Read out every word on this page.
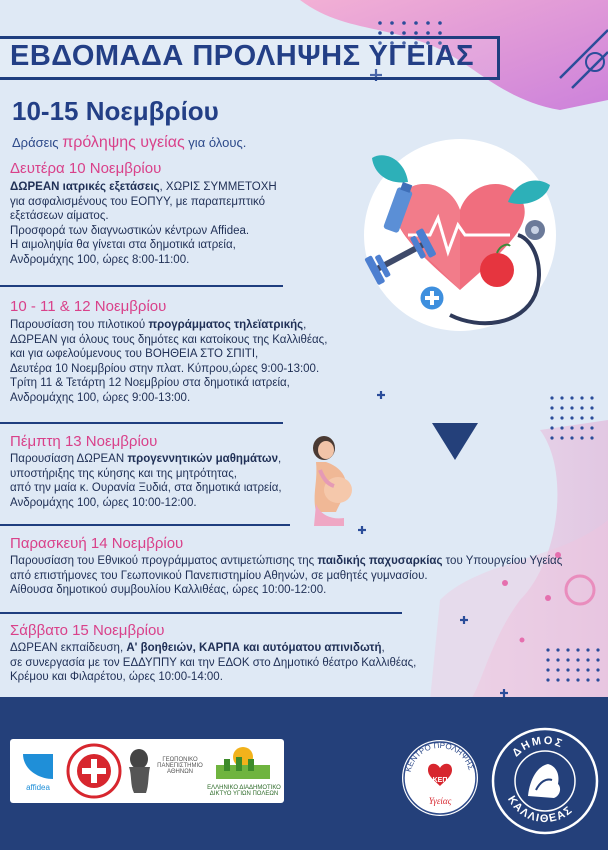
ΕΒΔΟΜΑΔΑ ΠΡΟΛΗΨΗΣ ΥΓΕΙΑΣ
10-15 Νοεμβρίου
Δράσεις πρόληψης υγείας για όλους.
Δευτέρα 10 Νοεμβρίου
ΔΩΡΕΑΝ ιατρικές εξετάσεις, ΧΩΡΙΣ ΣΥΜΜΕΤΟΧΗ
για ασφαλισμένους του ΕΟΠΥΥ, με παραπεμπτικό
εξετάσεων αίματος.
Προσφορά των διαγνωστικών κέντρων Affidea.
Η αιμοληψία θα γίνεται στα δημοτικά ιατρεία,
Ανδρομάχης 100, ώρες 8:00-11:00.
10 - 11 & 12 Νοεμβρίου
Παρουσίαση του πιλοτικού προγράμματος τηλεϊατρικής,
ΔΩΡΕΑΝ για όλους τους δημότες και κατοίκους της Καλλιθέας,
και για ωφελούμενους του ΒΟΗΘΕΙΑ ΣΤΟ ΣΠΙΤΙ,
Δευτέρα 10 Νοεμβρίου στην πλατ. Κύπρου,ώρες 9:00-13:00.
Τρίτη 11 & Τετάρτη 12 Νοεμβρίου στα δημοτικά ιατρεία,
Ανδρομάχης 100, ώρες 9:00-13:00.
Πέμπτη 13 Νοεμβρίου
Παρουσίαση ΔΩΡΕΑΝ προγεννητικών μαθημάτων,
υποστήριξης της κύησης και της μητρότητας,
από την μαία κ. Ουρανία Ξυδιά, στα δημοτικά ιατρεία,
Ανδρομάχης 100, ώρες 10:00-12:00.
Παρασκευή 14 Νοεμβρίου
Παρουσίαση του Εθνικού προγράμματος αντιμετώπισης της παιδικής παχυσαρκίας του Υπουργείου Υγείας
από επιστήμονες του Γεωπονικού Πανεπιστημίου Αθηνών, σε μαθητές γυμνασίου.
Αίθουσα δημοτικού συμβουλίου Καλλιθέας, ώρες 10:00-12:00.
Σάββατο 15 Νοεμβρίου
ΔΩΡΕΑΝ εκπαίδευση, Α' βοηθειών, ΚΑΡΠΑ και αυτόματου απινιδωτή,
σε συνεργασία με τον ΕΔΔΥΠΠΥ και την ΕΔΟΚ στο Δημοτικό θέατρο Καλλιθέας,
Κρέμου και Φιλαρέτου, ώρες 10:00-14:00.
affidea
ΓΕΩΠΟΝΙΚΟ ΠΑΝΕΠΙΣΤΗΜΙΟ ΑΘΗΝΩΝ
ΕΛΛΗΝΙΚΟ ΔΙΑΔΗΜΟΤΙΚΟ ΔΙΚΤΥΟ ΥΓΙΩΝ ΠΟΛΕΩΝ
ΚΕΝΤΡΟ ΠΡΟΛΗΨΗΣ
ΚΕΠ
Υγείας
ΔΗΜΟΣ
ΚΑΛΛΙΘΕΑΣ
